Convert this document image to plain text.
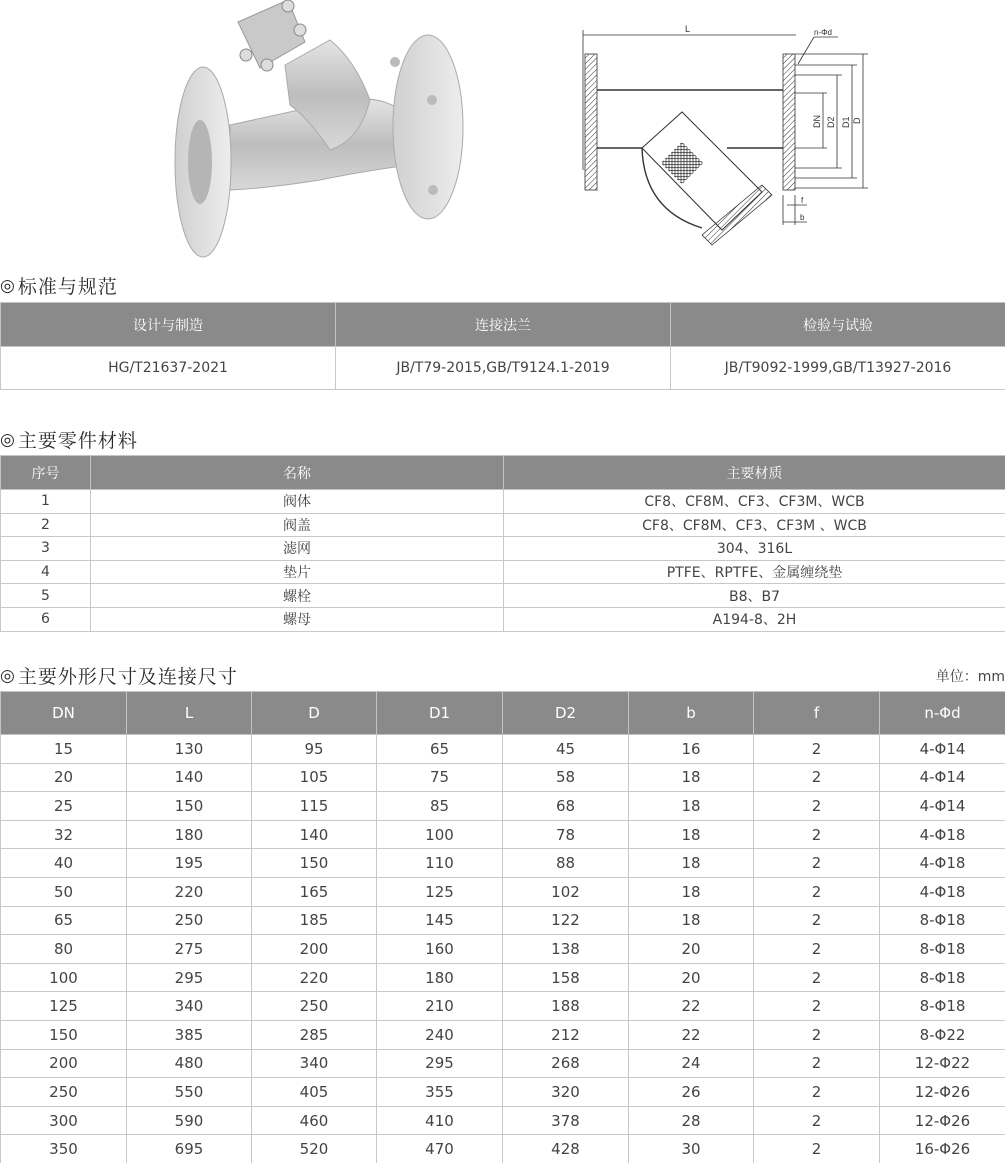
L
DN D2 D1 D
n-Φd
f
b
◎ 标准与规范
设计与制造	连接法兰	检验与试验
HG/T21637-2021	JB/T79-2015,GB/T9124.1-2019	JB/T9092-1999,GB/T13927-2016
◎ 主要零件材料
序号	名称	主要材质
1	阀体	CF8、CF8M、CF3、CF3M、WCB
2	阀盖	CF8、CF8M、CF3、CF3M 、WCB
3	滤网	304、316L
4	垫片	PTFE、RPTFE、金属缠绕垫
5	螺栓	B8、B7
6	螺母	A194-8、2H
◎ 主要外形尺寸及连接尺寸	单位：mm
DN	L	D	D1	D2	b	f	n-Φd
15	130	95	65	45	16	2	4-Φ14
20	140	105	75	58	18	2	4-Φ14
25	150	115	85	68	18	2	4-Φ14
32	180	140	100	78	18	2	4-Φ18
40	195	150	110	88	18	2	4-Φ18
50	220	165	125	102	18	2	4-Φ18
65	250	185	145	122	18	2	8-Φ18
80	275	200	160	138	20	2	8-Φ18
100	295	220	180	158	20	2	8-Φ18
125	340	250	210	188	22	2	8-Φ18
150	385	285	240	212	22	2	8-Φ22
200	480	340	295	268	24	2	12-Φ22
250	550	405	355	320	26	2	12-Φ26
300	590	460	410	378	28	2	12-Φ26
350	695	520	470	428	30	2	16-Φ26
